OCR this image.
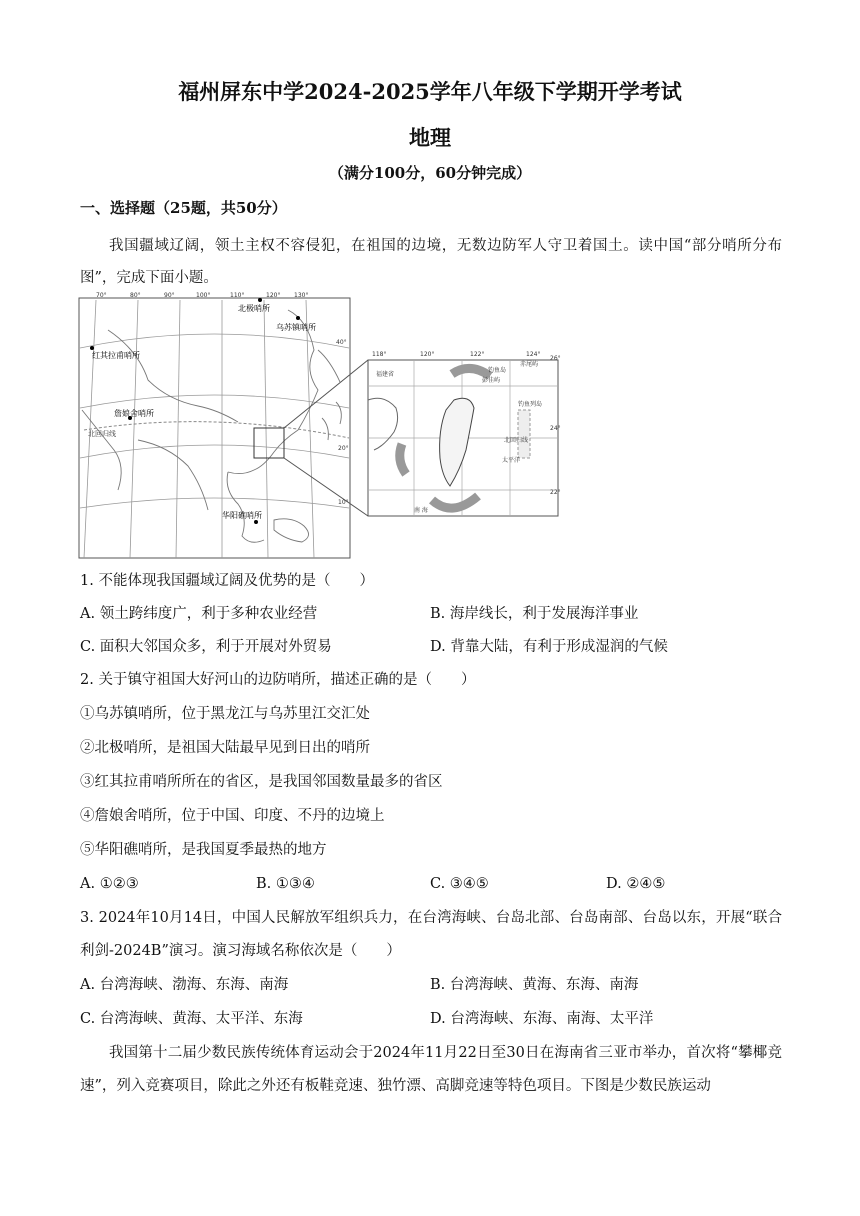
福州屏东中学2024-2025学年八年级下学期开学考试
地理
（满分100分，60分钟完成）
一、选择题（25题，共50分）
我国疆域辽阔，领土主权不容侵犯，在祖国的边境，无数边防军人守卫着国土。读中国“部分哨所分布图”，完成下面小题。
70°	80°	90°	100°	110°	120° 130°
40°
20°
10°
北极哨所
乌苏镇哨所
红其拉甫哨所
詹娘舍哨所
华阳礁哨所
北回归线
118°	120°	122°	124°
26°
24°
22°
福建省
钓鱼岛
赤尾屿
彭佳屿
钓鱼列岛
北回归线
太平洋
南 海
1. 不能体现我国疆域辽阔及优势的是（　　）
A. 领土跨纬度广，利于多种农业经营	B. 海岸线长，利于发展海洋事业
C. 面积大邻国众多，利于开展对外贸易	D. 背靠大陆，有利于形成湿润的气候
2. 关于镇守祖国大好河山的边防哨所，描述正确的是（　　）
①乌苏镇哨所，位于黑龙江与乌苏里江交汇处
②北极哨所，是祖国大陆最早见到日出的哨所
③红其拉甫哨所所在的省区，是我国邻国数量最多的省区
④詹娘舍哨所，位于中国、印度、不丹的边境上
⑤华阳礁哨所，是我国夏季最热的地方
A. ①②③	B. ①③④	C. ③④⑤	D. ②④⑤
3. 2024年10月14日，中国人民解放军组织兵力，在台湾海峡、台岛北部、台岛南部、台岛以东，开展“联合利剑-2024B”演习。演习海域名称依次是（　　）
A. 台湾海峡、渤海、东海、南海	B. 台湾海峡、黄海、东海、南海
C. 台湾海峡、黄海、太平洋、东海	D. 台湾海峡、东海、南海、太平洋
我国第十二届少数民族传统体育运动会于2024年11月22日至30日在海南省三亚市举办，首次将“攀椰竞速”，列入竞赛项目，除此之外还有板鞋竞速、独竹漂、高脚竞速等特色项目。下图是少数民族运动
